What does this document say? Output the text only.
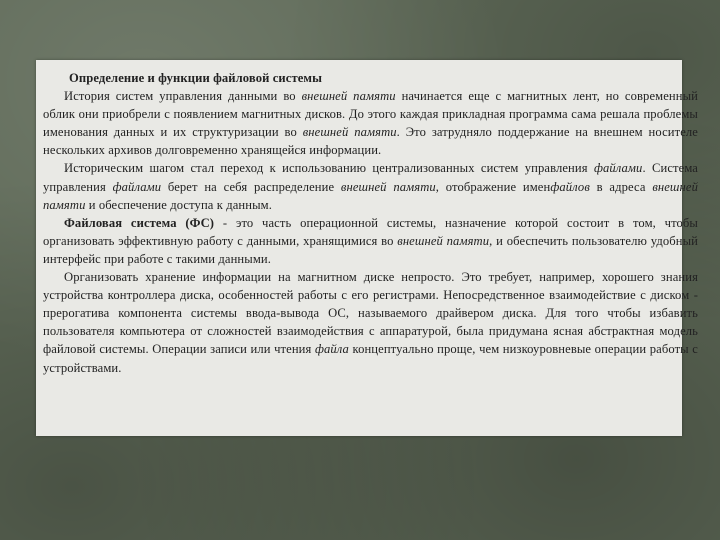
Определение и функции файловой системы

История систем управления данными во внешней памяти начинается еще с магнитных лент, но современный облик они приобрели с появлением магнитных дисков. До этого каждая прикладная программа сама решала проблемы именования данных и их структуризации во внешней памяти. Это затрудняло поддержание на внешнем носителе нескольких архивов долговременно хранящейся информации.

Историческим шагом стал переход к использованию централизованных систем управления файлами. Система управления файлами берет на себя распределение внешней памяти, отображение именфайлов в адреса внешней памяти и обеспечение доступа к данным.

Файловая система (ФС) - это часть операционной системы, назначение которой состоит в том, чтобы организовать эффективную работу с данными, хранящимися во внешней памяти, и обеспечить пользователю удобный интерфейс при работе с такими данными.

Организовать хранение информации на магнитном диске непросто. Это требует, например, хорошего знания устройства контроллера диска, особенностей работы с его регистрами. Непосредственное взаимодействие с диском - прерогатива компонента системы ввода-вывода ОС, называемого драйвером диска. Для того чтобы избавить пользователя компьютера от сложностей взаимодействия с аппаратурой, была придумана ясная абстрактная модель файловой системы. Операции записи или чтения файла концептуально проще, чем низкоуровневые операции работы с устройствами.
